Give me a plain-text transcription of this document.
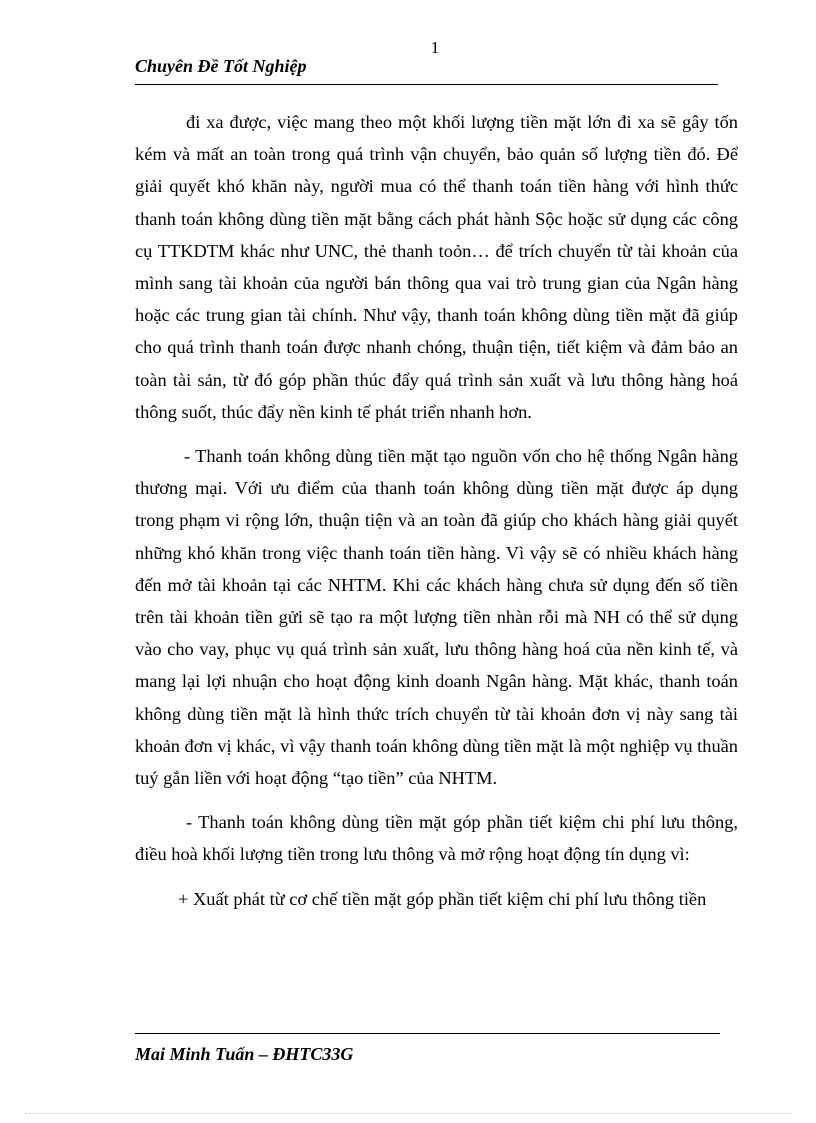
1
Chuyên Đề Tốt Nghiệp

đi xa được, việc mang theo một khối lượng tiền mặt lớn đi xa sẽ gây tốn kém và mất an toàn trong quá trình vận chuyển, bảo quản số lượng tiền đó. Để giải quyết khó khăn này, người mua có thể thanh toán tiền hàng với hình thức thanh toán không dùng tiền mặt bằng cách phát hành Sộc hoặc sử dụng các công cụ TTKDTM khác như UNC, thẻ thanh toỏn… để trích chuyển từ tài khoản của mình sang tài khoản của người bán thông qua vai trò trung gian của Ngân hàng hoặc các trung gian tài chính. Như vậy, thanh toán không dùng tiền mặt đã giúp cho quá trình thanh toán được nhanh chóng, thuận tiện, tiết kiệm và đảm bảo an toàn tài sản, từ đó góp phần thúc đẩy quá trình sản xuất và lưu thông hàng hoá thông suốt, thúc đẩy nền kinh tế phát triển nhanh hơn.

- Thanh toán không dùng tiền mặt tạo nguồn vốn cho hệ thống Ngân hàng thương mại. Với ưu điểm của thanh toán không dùng tiền mặt được áp dụng trong phạm vi rộng lớn, thuận tiện và an toàn đã giúp cho khách hàng giải quyết những khó khăn trong việc thanh toán tiền hàng. Vì vậy sẽ có nhiều khách hàng đến mở tài khoản tại các NHTM. Khi các khách hàng chưa sử dụng đến số tiền trên tài khoản tiền gửi sẽ tạo ra một lượng tiền nhàn rỗi mà NH có thể sử dụng vào cho vay, phục vụ quá trình sản xuất, lưu thông hàng hoá của nền kinh tế, và mang lại lợi nhuận cho hoạt động kinh doanh Ngân hàng. Mặt khác, thanh toán không dùng tiền mặt là hình thức trích chuyển từ tài khoản đơn vị này sang tài khoản đơn vị khác, vì vậy thanh toán không dùng tiền mặt là một nghiệp vụ thuần tuý gắn liền với hoạt động “tạo tiền” của NHTM.

- Thanh toán không dùng tiền mặt góp phần tiết kiệm chi phí lưu thông, điều hoà khối lượng tiền trong lưu thông và mở rộng hoạt động tín dụng vì:

+ Xuất phát từ cơ chế tiền mặt góp phần tiết kiệm chi phí lưu thông tiền

Mai Minh Tuấn – ĐHTC33G
